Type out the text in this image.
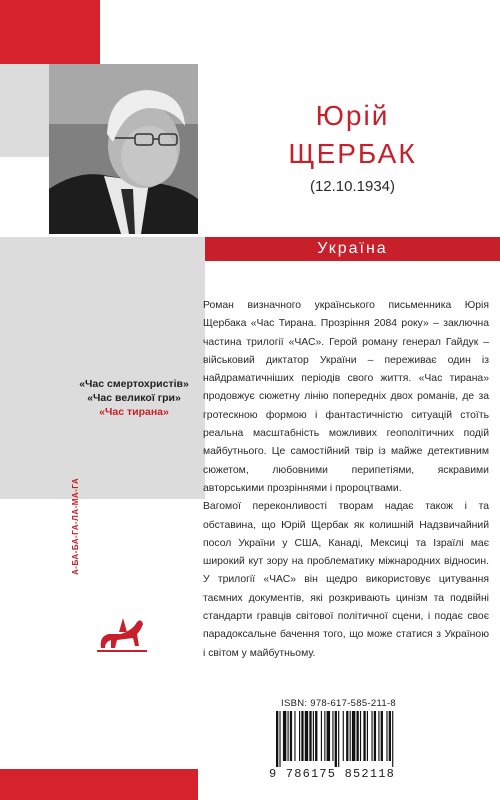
Юрій
ЩЕРБАК
(12.10.1934)
Україна
«Час смертохристів»
«Час великої гри»
«Час тирана»

Роман визначного українського письменника Юрія Щербака «Час Тирана. Прозріння 2084 року» – заключна частина трилогії «ЧАС». Герой роману генерал Гайдук – військовий диктатор України – переживає один із найдраматичніших періодів свого життя. «Час тирана» продовжує сюжетну лінію попередніх двох романів, де за гротескною формою і фантастичністю ситуацій стоїть реальна масштабність можливих геополітичних подій майбутнього. Це самостійний твір із майже детективним сюжетом, любовними перипетіями, яскравими авторськими прозріннями і пророцтвами.

Вагомої переконливості творам надає також і та обставина, що Юрій Щербак як колишній Надзвичайний посол України у США, Канаді, Мексиці та Ізраїлі має широкий кут зору на проблематику міжнародних відносин. У трилогії «ЧАС» він щедро використовує цитування таємних документів, які розкривають цинізм та подвійні стандарти гравців світової політичної сцени, і подає своє парадоксальне бачення того, що може статися з Україною і світом у майбутньому.

А-БА-БА-ГА-ЛА-МА-ГА
ISBN: 978-617-585-211-8
9 786175 852118
